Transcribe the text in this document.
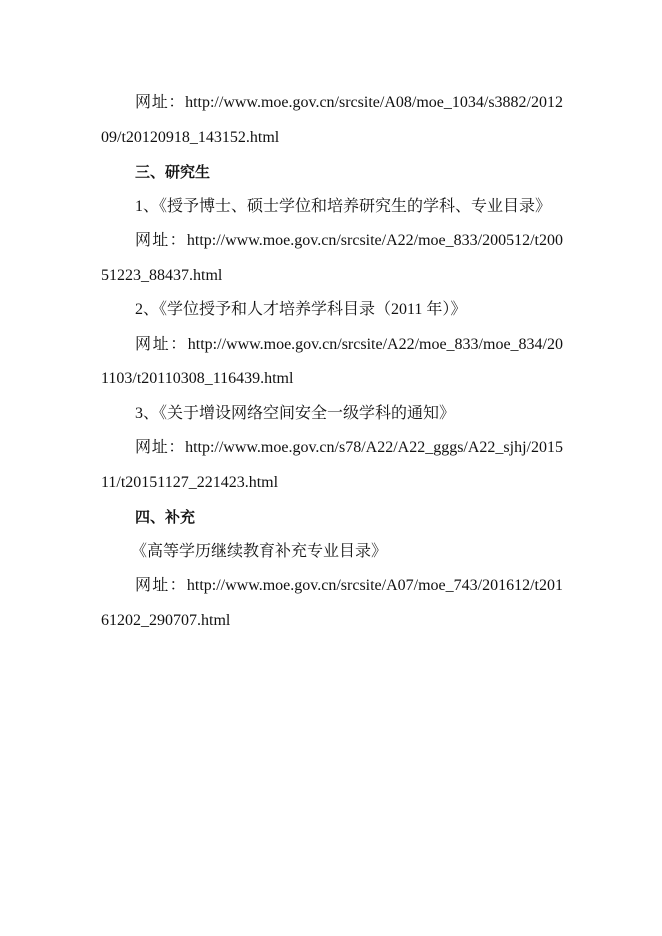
网址：http://www.moe.gov.cn/srcsite/A08/moe_1034/s3882/201209/t20120918_143152.html

三、研究生

1、《授予博士、硕士学位和培养研究生的学科、专业目录》

网址：http://www.moe.gov.cn/srcsite/A22/moe_833/200512/t20051223_88437.html

2、《学位授予和人才培养学科目录（2011 年）》

网址：http://www.moe.gov.cn/srcsite/A22/moe_833/moe_834/201103/t20110308_116439.html

3、《关于增设网络空间安全一级学科的通知》

网址：http://www.moe.gov.cn/s78/A22/A22_gggs/A22_sjhj/201511/t20151127_221423.html

四、补充

《高等学历继续教育补充专业目录》

网址：http://www.moe.gov.cn/srcsite/A07/moe_743/201612/t20161202_290707.html
